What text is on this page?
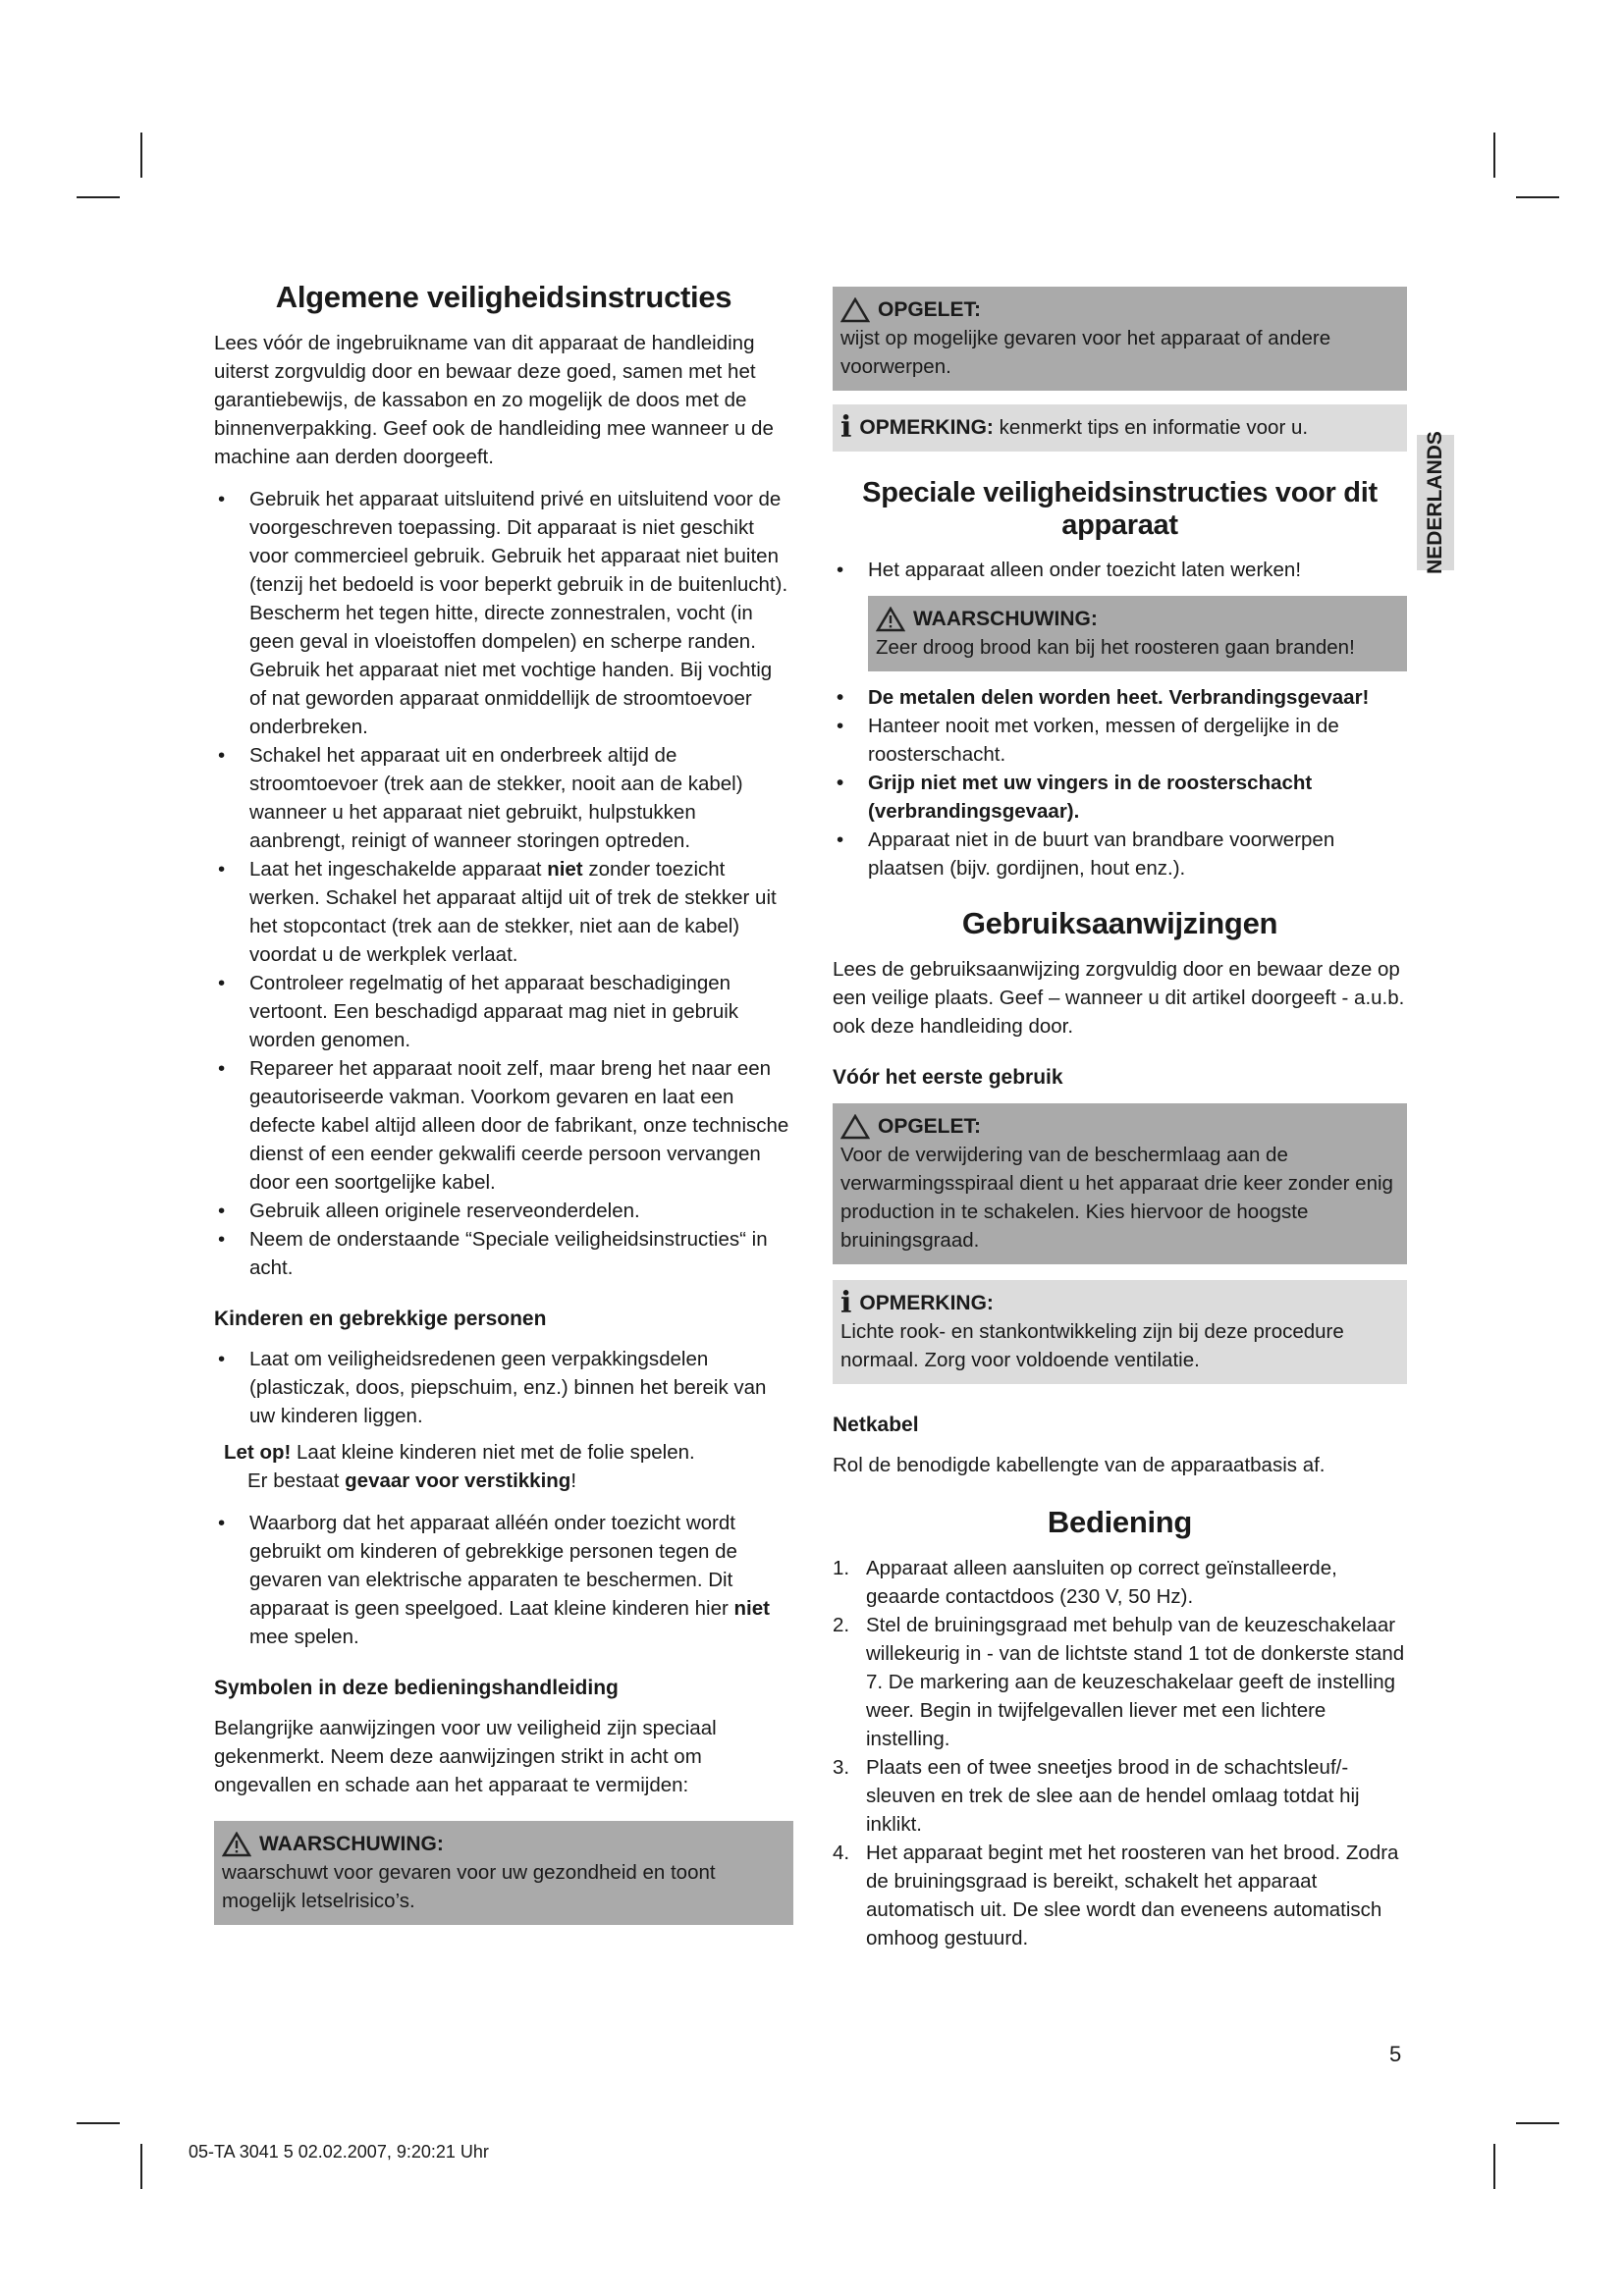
NEDERLANDS
Algemene veiligheidsinstructies

Lees vóór de ingebruikname van dit apparaat de handleiding uiterst zorgvuldig door en bewaar deze goed, samen met het garantiebewijs, de kassabon en zo mogelijk de doos met de binnenverpakking. Geef ook de handleiding mee wanneer u de machine aan derden doorgeeft.

• Gebruik het apparaat uitsluitend privé en uitsluitend voor de voorgeschreven toepassing. Dit apparaat is niet geschikt voor commercieel gebruik. Gebruik het apparaat niet buiten (tenzij het bedoeld is voor beperkt gebruik in de buitenlucht). Bescherm het tegen hitte, directe zonnestralen, vocht (in geen geval in vloeistoffen dompelen) en scherpe randen. Gebruik het apparaat niet met vochtige handen. Bij vochtig of nat geworden apparaat onmiddellijk de stroomtoevoer onderbreken.
• Schakel het apparaat uit en onderbreek altijd de stroomtoevoer (trek aan de stekker, nooit aan de kabel) wanneer u het apparaat niet gebruikt, hulpstukken aanbrengt, reinigt of wanneer storingen optreden.
• Laat het ingeschakelde apparaat niet zonder toezicht werken. Schakel het apparaat altijd uit of trek de stekker uit het stopcontact (trek aan de stekker, niet aan de kabel) voordat u de werkplek verlaat.
• Controleer regelmatig of het apparaat beschadigingen vertoont. Een beschadigd apparaat mag niet in gebruik worden genomen.
• Repareer het apparaat nooit zelf, maar breng het naar een geautoriseerde vakman. Voorkom gevaren en laat een defecte kabel altijd alleen door de fabrikant, onze technische dienst of een eender gekwalifi ceerde persoon vervangen door een soortgelijke kabel.
• Gebruik alleen originele reserveonderdelen.
• Neem de onderstaande “Speciale veiligheidsinstructies“ in acht.
Kinderen en gebrekkige personen
• Laat om veiligheidsredenen geen verpakkingsdelen (plasticzak, doos, piepschuim, enz.) binnen het bereik van uw kinderen liggen.
Let op! Laat kleine kinderen niet met de folie spelen.
Er bestaat gevaar voor verstikking!
• Waarborg dat het apparaat alléén onder toezicht wordt gebruikt om kinderen of gebrekkige personen tegen de gevaren van elektrische apparaten te beschermen. Dit apparaat is geen speelgoed. Laat kleine kinderen hier niet mee spelen.
Symbolen in deze bedieningshandleiding

Belangrijke aanwijzingen voor uw veiligheid zijn speciaal gekenmerkt. Neem deze aanwijzingen strikt in acht om ongevallen en schade aan het apparaat te vermijden:

WAARSCHUWING:
waarschuwt voor gevaren voor uw gezondheid en toont mogelijk letselrisico’s.
OPGELET:
wijst op mogelijke gevaren voor het apparaat of andere voorwerpen.
i OPMERKING: kenmerkt tips en informatie voor u.
Speciale veiligheidsinstructies voor dit apparaat
• Het apparaat alleen onder toezicht laten werken!
WAARSCHUWING:
Zeer droog brood kan bij het roosteren gaan branden!
• De metalen delen worden heet. Verbrandingsgevaar!
• Hanteer nooit met vorken, messen of dergelijke in de roosterschacht.
• Grijp niet met uw vingers in de roosterschacht (verbrandingsgevaar).
• Apparaat niet in de buurt van brandbare voorwerpen plaatsen (bijv. gordijnen, hout enz.).
Gebruiksaanwijzingen

Lees de gebruiksaanwijzing zorgvuldig door en bewaar deze op een veilige plaats. Geef – wanneer u dit artikel doorgeeft - a.u.b. ook deze handleiding door.

Vóór het eerste gebruik
OPGELET:
Voor de verwijdering van de beschermlaag aan de verwarmingsspiraal dient u het apparaat drie keer zonder enig production in te schakelen. Kies hiervoor de hoogste bruiningsgraad.
i OPMERKING:
Lichte rook- en stankontwikkeling zijn bij deze procedure normaal. Zorg voor voldoende ventilatie.
Netkabel

Rol de benodigde kabellengte van de apparaatbasis af.

Bediening
1. Apparaat alleen aansluiten op correct geïnstalleerde, geaarde contactdoos (230 V, 50 Hz).
2. Stel de bruiningsgraad met behulp van de keuzeschakelaar willekeurig in - van de lichtste stand 1 tot de donkerste stand 7. De markering aan de keuzeschakelaar geeft de instelling weer. Begin in twijfelgevallen liever met een lichtere instelling.
3. Plaats een of twee sneetjes brood in de schachtsleuf/-sleuven en trek de slee aan de hendel omlaag totdat hij inklikt.
4. Het apparaat begint met het roosteren van het brood. Zodra de bruiningsgraad is bereikt, schakelt het apparaat automatisch uit. De slee wordt dan eveneens automatisch omhoog gestuurd.
5
05-TA 3041 5 02.02.2007, 9:20:21 Uhr
